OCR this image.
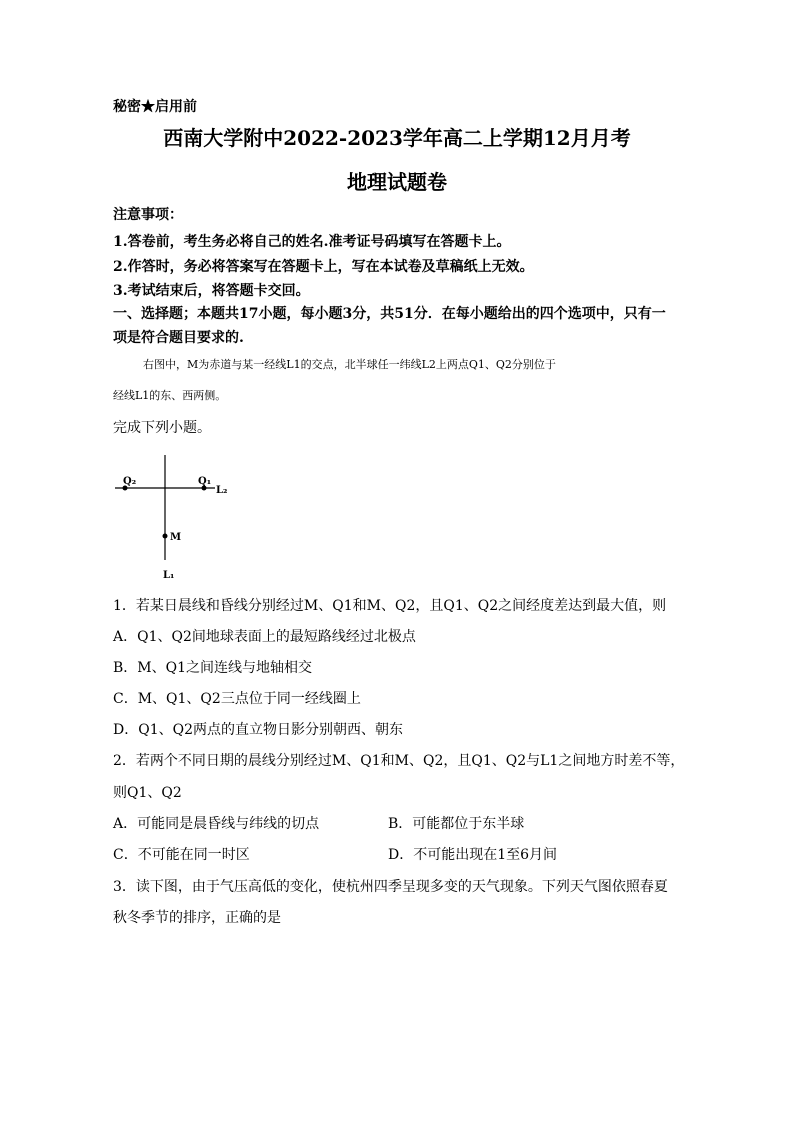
秘密★启用前
西南大学附中2022-2023学年高二上学期12月月考
地理试题卷
注意事项：
1.答卷前，考生务必将自己的姓名.准考证号码填写在答题卡上。
2.作答时，务必将答案写在答题卡上，写在本试卷及草稿纸上无效。
3.考试结束后，将答题卡交回。
一、选择题；本题共17小题，每小题3分，共51分．在每小题给出的四个选项中，只有一
项是符合题目要求的.
右图中，M为赤道与某一经线L1的交点，北半球任一纬线L2上两点Q1、Q2分别位于
经线L1的东、西两侧。
完成下列小题。
Q₂	Q₁
L₂
M
L₁
1．若某日晨线和昏线分别经过M、Q1和M、Q2，且Q1、Q2之间经度差达到最大值，则
A．Q1、Q2间地球表面上的最短路线经过北极点
B．M、Q1之间连线与地轴相交
C．M、Q1、Q2三点位于同一经线圈上
D．Q1、Q2两点的直立物日影分别朝西、朝东
2．若两个不同日期的晨线分别经过M、Q1和M、Q2，且Q1、Q2与L1之间地方时差不等，
则Q1、Q2
A．可能同是晨昏线与纬线的切点	B．可能都位于东半球
C．不可能在同一时区	D．不可能出现在1至6月间
3．读下图，由于气压高低的变化，使杭州四季呈现多变的天气现象。下列天气图依照春夏
秋冬季节的排序，正确的是
